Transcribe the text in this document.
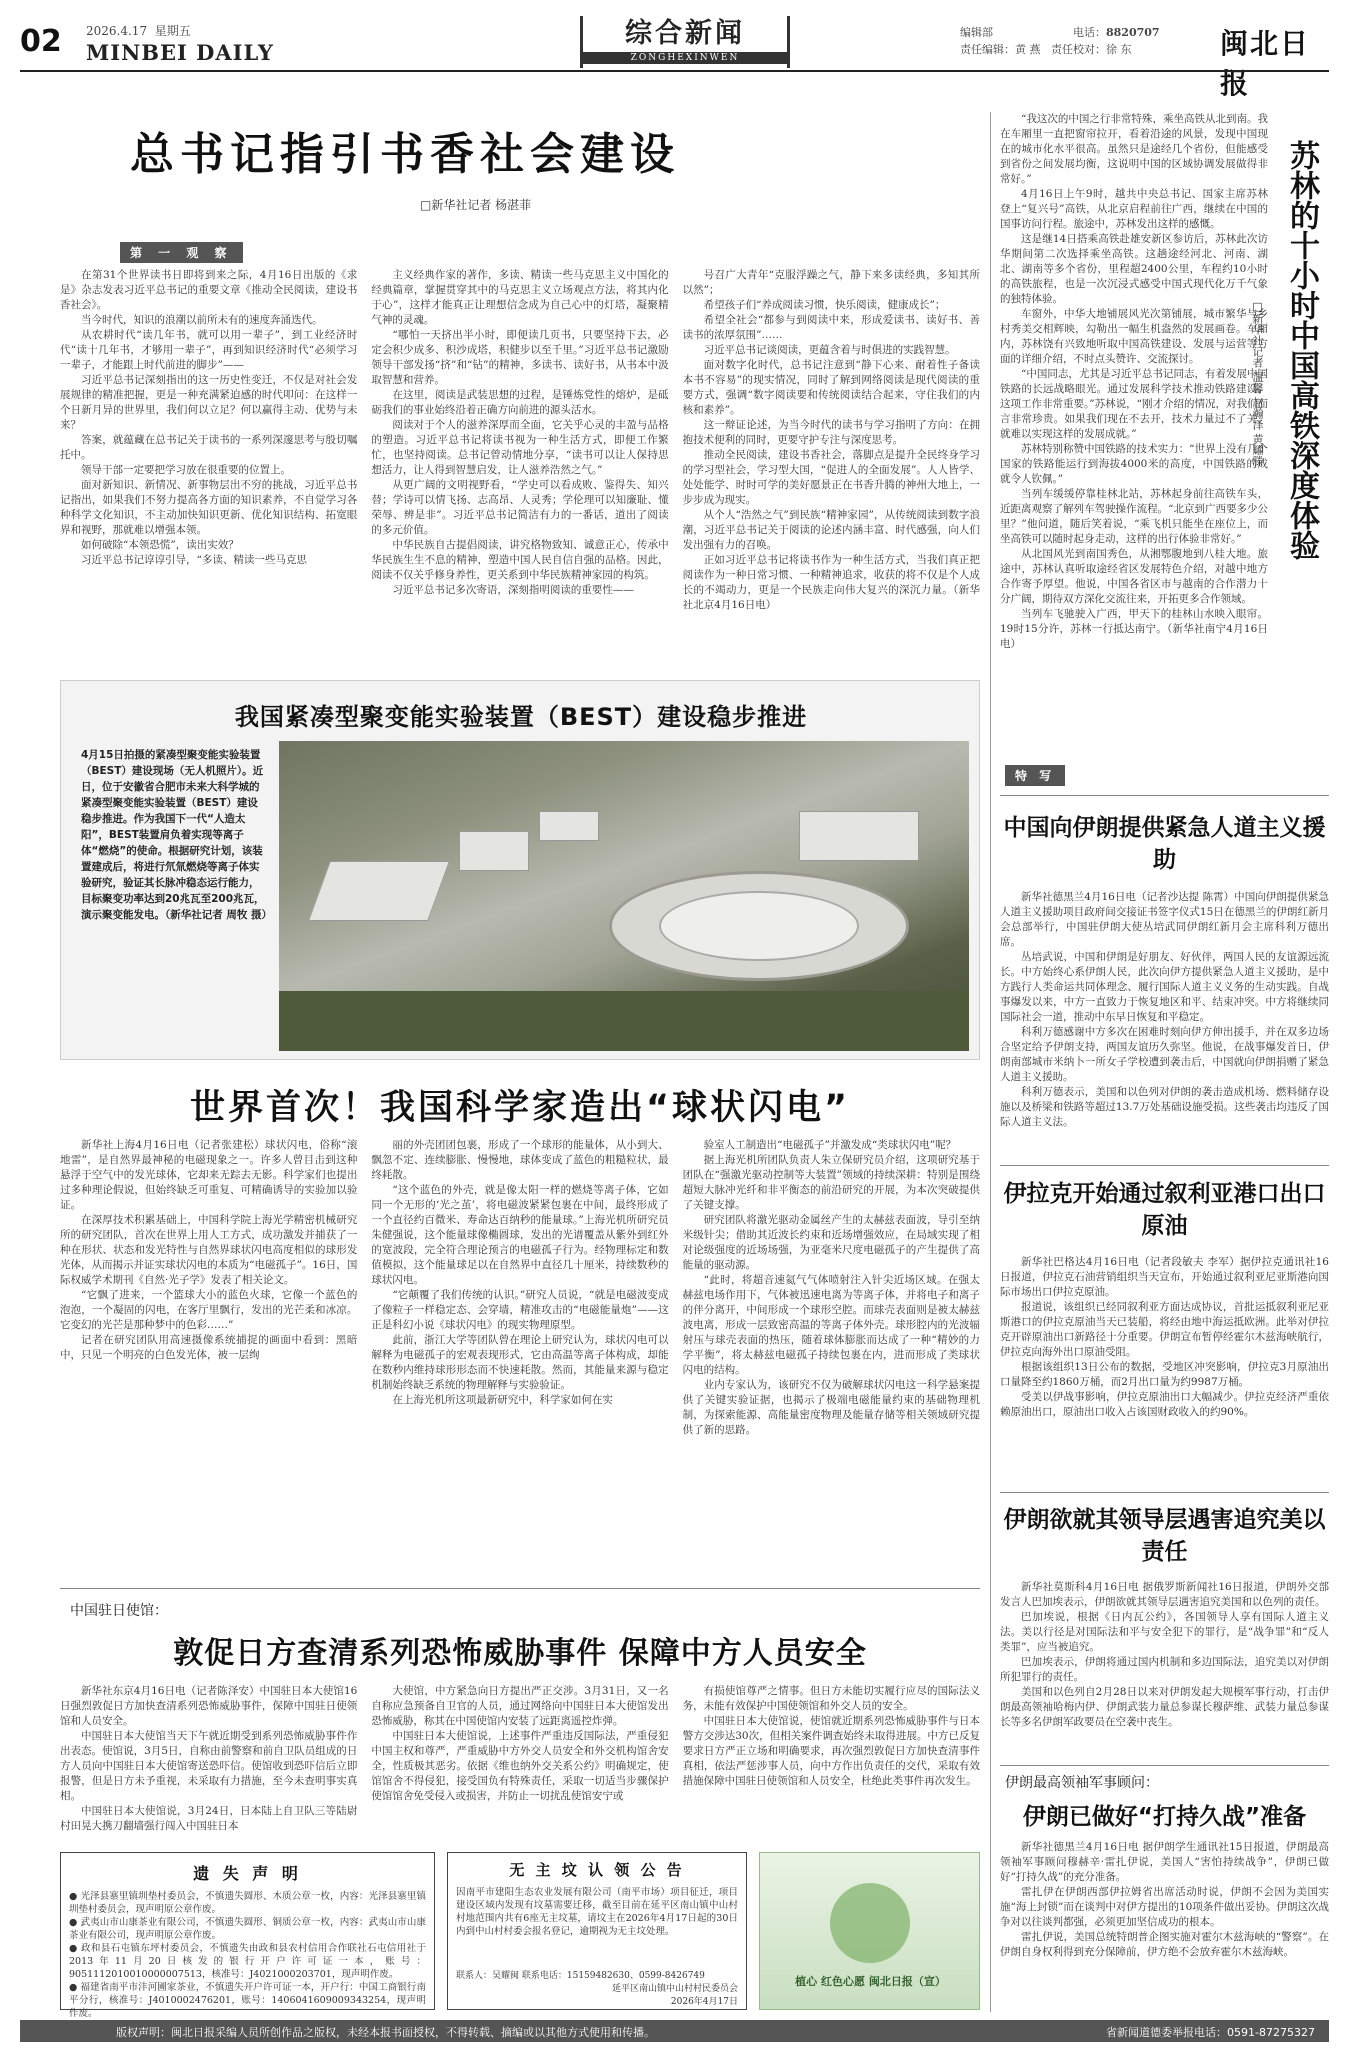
02 2026.4.17 星期五
MINBEI DAILY
综合新闻
ZONGHEXINWEN
编辑部	电话：8820707
责任编辑：黄 燕 责任校对：徐 东	闽北日报
总书记指引书香社会建设
□新华社记者 杨湛菲
第 一 观 察

在第31个世界读书日即将到来之际，4月16日出版的《求是》杂志发表习近平总书记的重要文章《推动全民阅读，建设书香社会》。

当今时代，知识的浪潮以前所未有的速度奔涌迭代。

从农耕时代“读几年书，就可以用一辈子”，到工业经济时代“读十几年书，才够用一辈子”，再到知识经济时代“必须学习一辈子，才能跟上时代前进的脚步”——

习近平总书记深刻指出的这一历史性变迁，不仅是对社会发展规律的精准把握，更是一种充满紧迫感的时代叩问：在这样一个日新月异的世界里，我们何以立足？何以赢得主动、优势与未来？

答案，就蕴藏在总书记关于读书的一系列深邃思考与殷切嘱托中。

领导干部一定要把学习放在很重要的位置上。

面对新知识、新情况、新事物层出不穷的挑战，习近平总书记指出，如果我们不努力提高各方面的知识素养，不自觉学习各种科学文化知识，不主动加快知识更新、优化知识结构、拓宽眼界和视野，那就难以增强本领。

如何破除“本领恐慌”，读出实效？

习近平总书记谆谆引导，“多读、精读一些马克思

主义经典作家的著作，多读、精读一些马克思主义中国化的经典篇章，掌握贯穿其中的马克思主义立场观点方法，将其内化于心”，这样才能真正让理想信念成为自己心中的灯塔，凝聚精气神的灵魂。

“哪怕一天挤出半小时，即便读几页书，只要坚持下去，必定会积少成多、积沙成塔，积健步以至千里。”习近平总书记激励领导干部发扬“挤”和“钻”的精神，多读书、读好书，从书本中汲取智慧和营养。

在这里，阅读是武装思想的过程，是锤炼党性的熔炉，是砥砺我们的事业始终沿着正确方向前进的源头活水。

阅读对于个人的滋养深厚而全面，它关乎心灵的丰盈与品格的塑造。习近平总书记将读书视为一种生活方式，即便工作繁忙，也坚持阅读。总书记曾动情地分享，“读书可以让人保持思想活力，让人得到智慧启发，让人滋养浩然之气。”

从更广阔的文明视野看，“学史可以看成败、鉴得失、知兴替；学诗可以情飞扬、志高昂、人灵秀；学伦理可以知廉耻、懂荣辱、辨是非”。习近平总书记简洁有力的一番话，道出了阅读的多元价值。

中华民族自古提倡阅读，讲究格物致知、诚意正心，传承中华民族生生不息的精神，塑造中国人民自信自强的品格。因此，阅读不仅关乎修身养性，更关系到中华民族精神家园的构筑。

习近平总书记多次寄语，深刻指明阅读的重要性——

号召广大青年“克服浮躁之气，静下来多读经典，多知其所以然”；

希望孩子们“养成阅读习惯，快乐阅读，健康成长”；

希望全社会“都参与到阅读中来，形成爱读书、读好书、善读书的浓厚氛围”……

习近平总书记谈阅读，更蕴含着与时俱进的实践智慧。

面对数字化时代，总书记注意到“静下心来、耐着性子备读本书不容易”的现实情况，同时了解到网络阅读是现代阅读的重要方式，强调“数字阅读要和传统阅读结合起来，守住我们的内核和素养”。

这一辩证论述，为当今时代的读书与学习指明了方向：在拥抱技术便利的同时，更要守护专注与深度思考。

推动全民阅读，建设书香社会，落脚点是提升全民终身学习的学习型社会，学习型大国，“促进人的全面发展”。人人皆学、处处能学、时时可学的美好愿景正在书香升腾的神州大地上，一步步成为现实。

从个人“浩然之气”到民族“精神家园”，从传统阅读到数字浪潮，习近平总书记关于阅读的论述内涵丰富、时代感强，向人们发出强有力的召唤。

正如习近平总书记将读书作为一种生活方式，当我们真正把阅读作为一种日常习惯、一种精神追求，收获的将不仅是个人成长的不竭动力，更是一个民族走向伟大复兴的深沉力量。（新华社北京4月16日电）

我国紧凑型聚变能实验装置（BEST）建设稳步推进
4月15日拍摄的紧凑型聚变能实验装置（BEST）建设现场（无人机照片）。近日，位于安徽省合肥市未来大科学城的紧凑型聚变能实验装置（BEST）建设稳步推进。作为我国下一代“人造太阳”，BEST装置肩负着实现等离子体“燃烧”的使命。根据研究计划，该装置建成后，将进行氘氚燃烧等离子体实验研究，验证其长脉冲稳态运行能力，目标聚变功率达到20兆瓦至200兆瓦，演示聚变能发电。（新华社记者 周牧 摄）
世界首次！我国科学家造出“球状闪电”

新华社上海4月16日电（记者张建松）球状闪电，俗称“滚地雷”，是自然界最神秘的电磁现象之一。许多人曾目击到这种悬浮于空气中的发光球体，它却来无踪去无影。科学家们也提出过多种理论假说，但始终缺乏可重复、可精确诱导的实验加以验证。

在深厚技术积累基础上，中国科学院上海光学精密机械研究所的研究团队，首次在世界上用人工方式，成功激发并捕获了一种在形状、状态和发光特性与自然界球状闪电高度相似的球形发光体，从而揭示并证实球状闪电的本质为“电磁孤子”。16日，国际权威学术期刊《自然·光子学》发表了相关论文。

“它飘了进来，一个篮球大小的蓝色火球，它像一个蓝色的泡泡，一个凝固的闪电，在客厅里飘行，发出的光芒柔和冰凉。它变幻的光芒是那种梦中的色彩……”

记者在研究团队用高速摄像系统捕捉的画面中看到：黑暗中，只见一个明亮的白色发光体，被一层绚

丽的外壳团团包裹，形成了一个球形的能量体，从小到大、飘忽不定、连续膨胀、慢慢地，球体变成了蓝色的粗糙粒状，最终耗散。

“这个蓝色的外壳，就是像太阳一样的燃烧等离子体，它如同一个无形的‘光之茧’，将电磁波紧紧包裹在中间，最终形成了一个直径约百微米、寿命达百纳秒的能量球。”上海光机所研究员朱健强说，这个能量球像椭圆球，发出的光谱覆盖从紫外到红外的宽波段，完全符合理论预言的电磁孤子行为。经物理标定和数值模拟，这个能量球足以在自然界中直径几十厘米，持续数秒的球状闪电。

“它颠覆了我们传统的认识。”研究人员说，“就是电磁波变成了像粒子一样稳定态、会穿墙，精准攻击的“电磁能量炮”——这正是科幻小说《球状闪电》的现实物理原型。

此前，浙江大学等团队曾在理论上研究认为，球状闪电可以解释为电磁孤子的宏观表现形式，它由高温等离子体构成，却能在数秒内维持球形形态而不快速耗散。然而，其能量来源与稳定机制始终缺乏系统的物理解释与实验验证。

在上海光机所这项最新研究中，科学家如何在实

验室人工制造出“电磁孤子”并激发成“类球状闪电”呢？

据上海光机所团队负责人朱立保研究员介绍，这项研究基于团队在“强激光驱动控制等大装置”领域的持续深耕：特别是围绕超短大脉冲光纤和非平衡态的前沿研究的开展，为本次突破提供了关键支撑。

研究团队将激光驱动金属丝产生的太赫兹表面波，导引至纳米级针尖；借助其近波长约束和近场增强效应，在局域实现了相对论级强度的近场场强，为亚毫米尺度电磁孤子的产生提供了高能量的驱动源。

“此时，将超音速氦气气体喷射注入针尖近场区域。在强太赫兹电场作用下，气体被迅速电离为等离子体，并将电子和离子的伴分离开，中间形成一个球形空腔。而球壳表面则是被太赫兹波电离，形成一层致密高温的等离子体外壳。球形腔内的光波辐射压与球壳表面的热压，随着球体膨胀而达成了一种“精妙的力学平衡”，将太赫兹电磁孤子持续包裹在内，进而形成了类球状闪电的结构。

业内专家认为，该研究不仅为破解球状闪电这一科学悬案提供了关键实验证据，也揭示了极端电磁能量约束的基础物理机制，为探索能源、高能量密度物理及能量存储等相关领域研究提供了新的思路。

中国驻日使馆：
敦促日方查清系列恐怖威胁事件 保障中方人员安全

新华社东京4月16日电（记者陈泽安）中国驻日本大使馆16日强烈敦促日方加快查清系列恐怖威胁事件，保障中国驻日使领馆和人员安全。

中国驻日本大使馆当天下午就近期受到系列恐怖威胁事件作出表态。使馆说，3月5日，自称由前警察和前自卫队员组成的日方人员向中国驻日本大使馆寄送恐吓信。使馆收到恐吓信后立即报警，但是日方未予重视，未采取有力措施，至今未查明事实真相。

中国驻日本大使馆说，3月24日，日本陆上自卫队三等陆尉村田晃大携刀翻墙强行闯入中国驻日本

大使馆，中方紧急向日方提出严正交涉。3月31日，又一名自称应急预备自卫官的人员，通过网络向中国驻日本大使馆发出恐怖威胁，称其在中国使馆内安装了远距离遥控炸弹。

中国驻日本大使馆说，上述事件严重违反国际法，严重侵犯中国主权和尊严，严重威胁中方外交人员安全和外交机构馆舍安全，性质极其恶劣。依据《维也纳外交关系公约》明确规定，使馆馆舍不得侵犯，接受国负有特殊责任，采取一切适当步骤保护使馆馆舍免受侵入或损害，并防止一切扰乱使馆安宁或

有损使馆尊严之情事。但日方未能切实履行应尽的国际法义务，未能有效保护中国使领馆和外交人员的安全。

中国驻日本大使馆说，使馆就近期系列恐怖威胁事件与日本警方交涉达30次，但相关案件调查始终未取得进展。中方已反复要求日方严正立场和明确要求，再次强烈敦促日方加快查清事件真相，依法严惩涉事人员，向中方作出负责任的交代，采取有效措施保障中国驻日使领馆和人员安全，杜绝此类事件再次发生。

遗 失 声 明

● 光泽县寨里镇圳垫村委员会，不慎遗失圆形、木质公章一枚，内容：光泽县寨里镇圳垫村委员会，现声明原公章作废。

● 武夷山市山康茶业有限公司，不慎遗失圆形、铜质公章一枚，内容：武夷山市山康茶业有限公司，现声明原公章作废。

● 政和县石屯镇东坪村委员会，不慎遗失由政和县农村信用合作联社石屯信用社于2013年11月20日核发的银行开户许可证一本，账号：9051112010010000007513，核准号：J4021000203701，现声明作废。

● 福建省南平市沣河圃家茶业，不慎遗失开户许可证一本，开户行：中国工商银行南平分行，核准号：J4010002476201，账号：1406041609009343254，现声明作废。

无 主 坟 认 领 公 告
因南平市建阳生态农业发展有限公司（南平市场）项目征迁，项目建设区域内发现有坟墓需要迁移，截至目前在延平区南山镇中山村村地范围内共有6座无主坟墓，请坟主在2026年4月17日起的30日内到中山村村委会报名登记，逾期视为无主坟处理。
联系人：吴耀闽 联系电话：15159482630、0599-8426749
延平区南山镇中山村村民委员会
2026年4月17日
植心 红色心愿 闽北日报（宣）

“我这次的中国之行非常特殊，乘坐高铁从北到南。我在车厢里一直把窗帘拉开，看着沿途的风景，发现中国现在的城市化水平很高。虽然只是途经几个省份，但能感受到省份之间发展均衡，这说明中国的区域协调发展做得非常好。”

4月16日上午9时，越共中央总书记、国家主席苏林登上“复兴号”高铁，从北京启程前往广西，继续在中国的国事访问行程。旅途中，苏林发出这样的感慨。

这是继14日搭乘高铁赴雄安新区参访后，苏林此次访华期间第二次选择乘坐高铁。这趟途经河北、河南、湖北、湖南等多个省份，里程超2400公里，车程约10小时的高铁旅程，也是一次沉浸式感受中国式现代化万千气象的独特体验。

车窗外，中华大地铺展风光次第铺展，城市繁华与乡村秀美交相辉映，勾勒出一幅生机盎然的发展画卷。车厢内，苏林饶有兴致地听取中国高铁建设、发展与运营等方面的详细介绍，不时点头赞许、交流探讨。

“中国同志，尤其是习近平总书记同志，有着发展中国铁路的长远战略眼光。通过发展科学技术推动铁路建设，这项工作非常重要。”苏林说，“刚才介绍的情况，对我们而言非常珍贵。如果我们现在不去开，技术力量过不了关，就难以实现这样的发展成就。”

苏林特别称赞中国铁路的技术实力：“世界上没有几个国家的铁路能运行到海拔4000米的高度，中国铁路的成就令人钦佩。”

当列车缓缓停靠桂林北站，苏林起身前往高铁车头，近距离观察了解列车驾驶操作流程。“北京到广西要多少公里？”他问道，随后笑着说，“乘飞机只能坐在座位上，而坐高铁可以随时起身走动，这样的出行体验非常好。”

从北国风光到南国秀色，从湘鄂腹地到八桂大地。旅途中，苏林认真听取途经省区发展特色介绍，对越中地方合作寄予厚望。他说，中国各省区市与越南的合作潜力十分广阔，期待双方深化交流往来，开拓更多合作领域。

当列车飞驰驶入广西，甲天下的桂林山水映入眼帘。19时15分许，苏林一行抵达南宁。（新华社南宁4月16日电）

苏林的十小时中国高铁深度体验
□新华社记者 温馨 赵瀚泽 黄耀滕
特 写
中国向伊朗提供紧急人道主义援助

新华社德黑兰4月16日电（记者沙达提 陈霄）中国向伊朗提供紧急人道主义援助项目政府间交接证书签字仪式15日在德黑兰的伊朗红新月会总部举行，中国驻伊朗大使丛培武同伊朗红新月会主席科利万德出席。

丛培武说，中国和伊朗是好朋友、好伙伴，两国人民的友谊源远流长。中方始终心系伊朗人民，此次向伊方提供紧急人道主义援助，是中方践行人类命运共同体理念、履行国际人道主义义务的生动实践。自战事爆发以来，中方一直致力于恢复地区和平、结束冲突。中方将继续同国际社会一道，推动中东早日恢复和平稳定。

科利万德感谢中方多次在困难时刻向伊方伸出援手，并在双多边场合坚定给予伊朗支持，两国友谊历久弥坚。他说，在战事爆发首日，伊朗南部城市米纳卜一所女子学校遭到袭击后，中国就向伊朗捐赠了紧急人道主义援助。

科利万德表示，美国和以色列对伊朗的袭击造成机场、燃料储存设施以及桥梁和铁路等超过13.7万处基础设施受损。这些袭击均违反了国际人道主义法。

伊拉克开始通过叙利亚港口出口原油

新华社巴格达4月16日电（记者段敏夫 李军）据伊拉克通讯社16日报道，伊拉克石油营销组织当天宣布，开始通过叙利亚尼亚斯港向国际市场出口伊拉克原油。

报道说，该组织已经同叙利亚方面达成协议，首批运抵叙利亚尼亚斯港口的伊拉克原油当天已装船，将经由地中海运抵欧洲。此举对伊拉克开辟原油出口新路径十分重要。伊朗宣布暂停经霍尔木兹海峡航行，伊拉克向海外出口原油受阻。

根据该组织13日公布的数据，受地区冲突影响，伊拉克3月原油出口量降至约1860万桶，而2月出口量为约9987万桶。

受美以伊战事影响，伊拉克原油出口大幅减少。伊拉克经济严重依赖原油出口，原油出口收入占该国财政收入的约90%。

伊朗欲就其领导层遇害追究美以责任

新华社莫斯科4月16日电 据俄罗斯新闻社16日报道，伊朗外交部发言人巴加埃表示，伊朗欲就其领导层遇害追究美国和以色列的责任。

巴加埃说，根据《日内瓦公约》，各国领导人享有国际人道主义法。美以行径是对国际法和平与安全犯下的罪行，是“战争罪”和“反人类罪”，应当被追究。

巴加埃表示，伊朗将通过国内机制和多边国际法，追究美以对伊朗所犯罪行的责任。

美国和以色列自2月28日以来对伊朗发起大规模军事行动，打击伊朗最高领袖哈梅内伊、伊朗武装力量总参谋长穆萨维、武装力量总参谋长等多名伊朗军政要员在空袭中丧生。

伊朗最高领袖军事顾问：
伊朗已做好“打持久战”准备

新华社德黑兰4月16日电 据伊朗学生通讯社15日报道，伊朗最高领袖军事顾问穆赫辛·雷扎伊说，美国人“害怕持续战争”，伊朗已做好“打持久战”的充分准备。

雷扎伊在伊朗西部伊拉姆省出席活动时说，伊朗不会因为美国实施“海上封锁”而在谈判中对伊方提出的10项条件做出妥协。伊朗这次战争对以往谈判都强，必须更加坚信成功的根本。

雷扎伊说，美国总统特朗普企图实施对霍尔木兹海峡的“警察”。在伊朗自身权利得到充分保障前，伊方绝不会放弃霍尔木兹海峡。

版权声明：闽北日报采编人员所创作品之版权，未经本报书面授权，不得转载、摘编或以其他方式使用和传播。	省新闻道德委举报电话：0591-87275327
